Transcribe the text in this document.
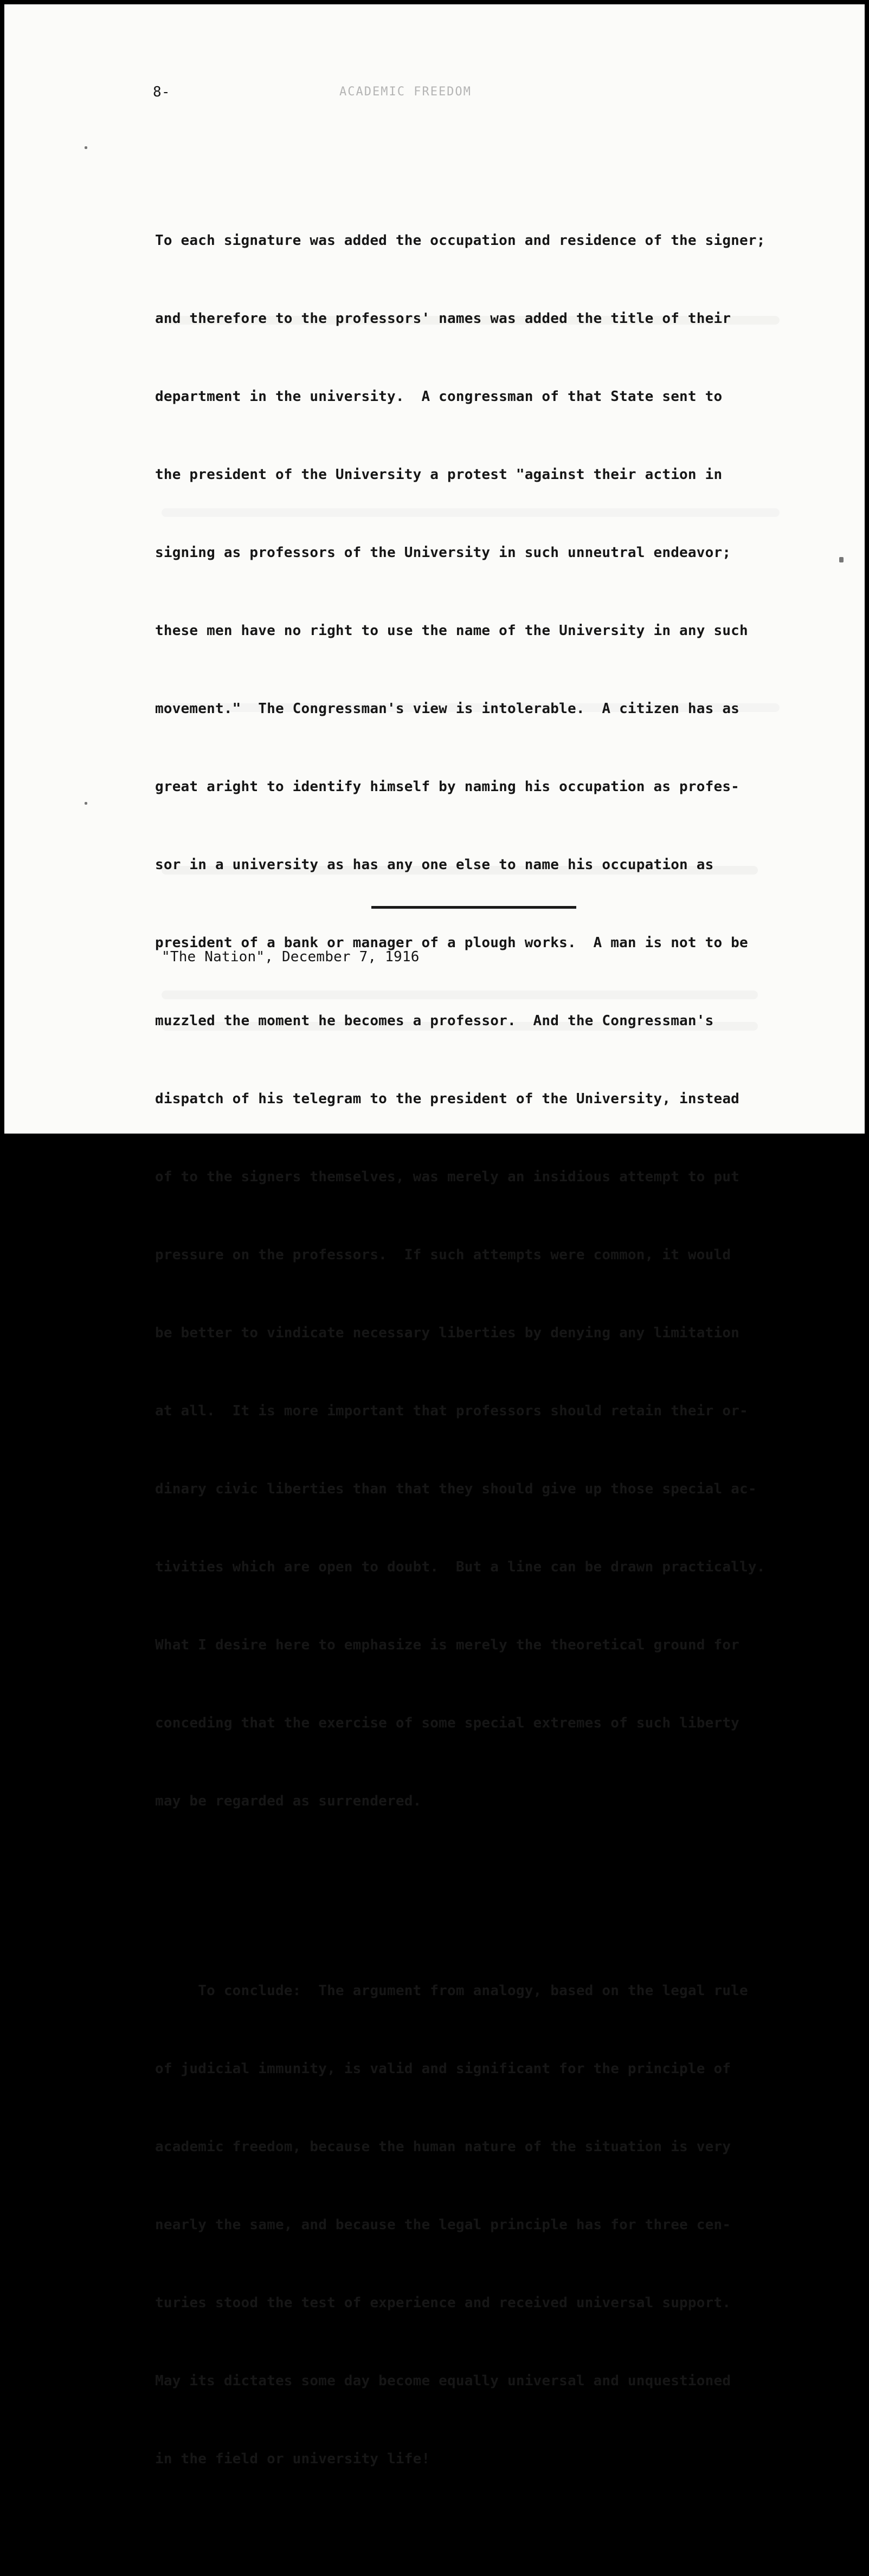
8-	ACADEMIC FREEDOM

To each signature was added the occupation and residence of the signer;

and therefore to the professors' names was added the title of their

department in the university.  A congressman of that State sent to

the president of the University a protest "against their action in

signing as professors of the University in such unneutral endeavor;

these men have no right to use the name of the University in any such

movement."  The Congressman's view is intolerable.  A citizen has as

great aright to identify himself by naming his occupation as profes-

sor in a university as has any one else to name his occupation as

president of a bank or manager of a plough works.  A man is not to be

muzzled the moment he becomes a professor.  And the Congressman's

dispatch of his telegram to the president of the University, instead

of to the signers themselves, was merely an insidious attempt to put

pressure on the professors.  If such attempts were common, it would

be better to vindicate necessary liberties by denying any limitation

at all.  It is more important that professors should retain their or-

dinary civic liberties than that they should give up those special ac-

tivities which are open to doubt.  But a line can be drawn practically.

What I desire here to emphasize is merely the theoretical ground for

conceding that the exercise of some special extremes of such liberty

may be regarded as surrendered.

To conclude:  The argument from analogy, based on the legal rule

of judicial immunity, is valid and significant for the principle of

academic freedom, because the human nature of the situation is very

nearly the same, and because the legal principle has for three cen-

turies stood the test of experience and received universal support.

May its dictates some day become equally universal and unquestioned

in the field or university life!

"The Nation", December 7, 1916
